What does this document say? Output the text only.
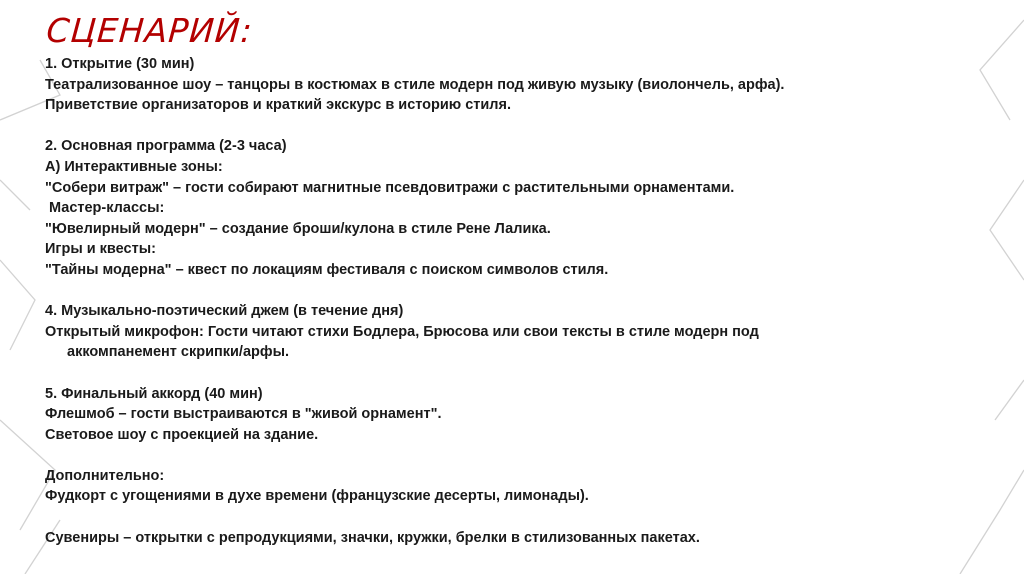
СЦЕНАРИЙ:
1. Открытие (30 мин)
Театрализованное шоу – танцоры в костюмах в стиле модерн под живую музыку (виолончель, арфа).
Приветствие организаторов и краткий экскурс в историю стиля.
2. Основная программа (2-3 часа)
А) Интерактивные зоны:
"Собери витраж" – гости собирают магнитные псевдовитражи с растительными орнаментами.
Мастер-классы:
"Ювелирный модерн" – создание броши/кулона в стиле Рене Лалика.
Игры и квесты:
"Тайны модерна" – квест по локациям фестиваля с поиском символов стиля.
4. Музыкально-поэтический джем (в течение дня)
Открытый микрофон: Гости читают стихи Бодлера, Брюсова или свои тексты в стиле модерн под
аккомпанемент скрипки/арфы.
5. Финальный аккорд (40 мин)
Флешмоб – гости выстраиваются в "живой орнамент".
Световое шоу с проекцией на здание.
Дополнительно:
Фудкорт с угощениями в духе времени (французские десерты, лимонады).
Сувениры – открытки с репродукциями, значки, кружки, брелки в стилизованных пакетах.
